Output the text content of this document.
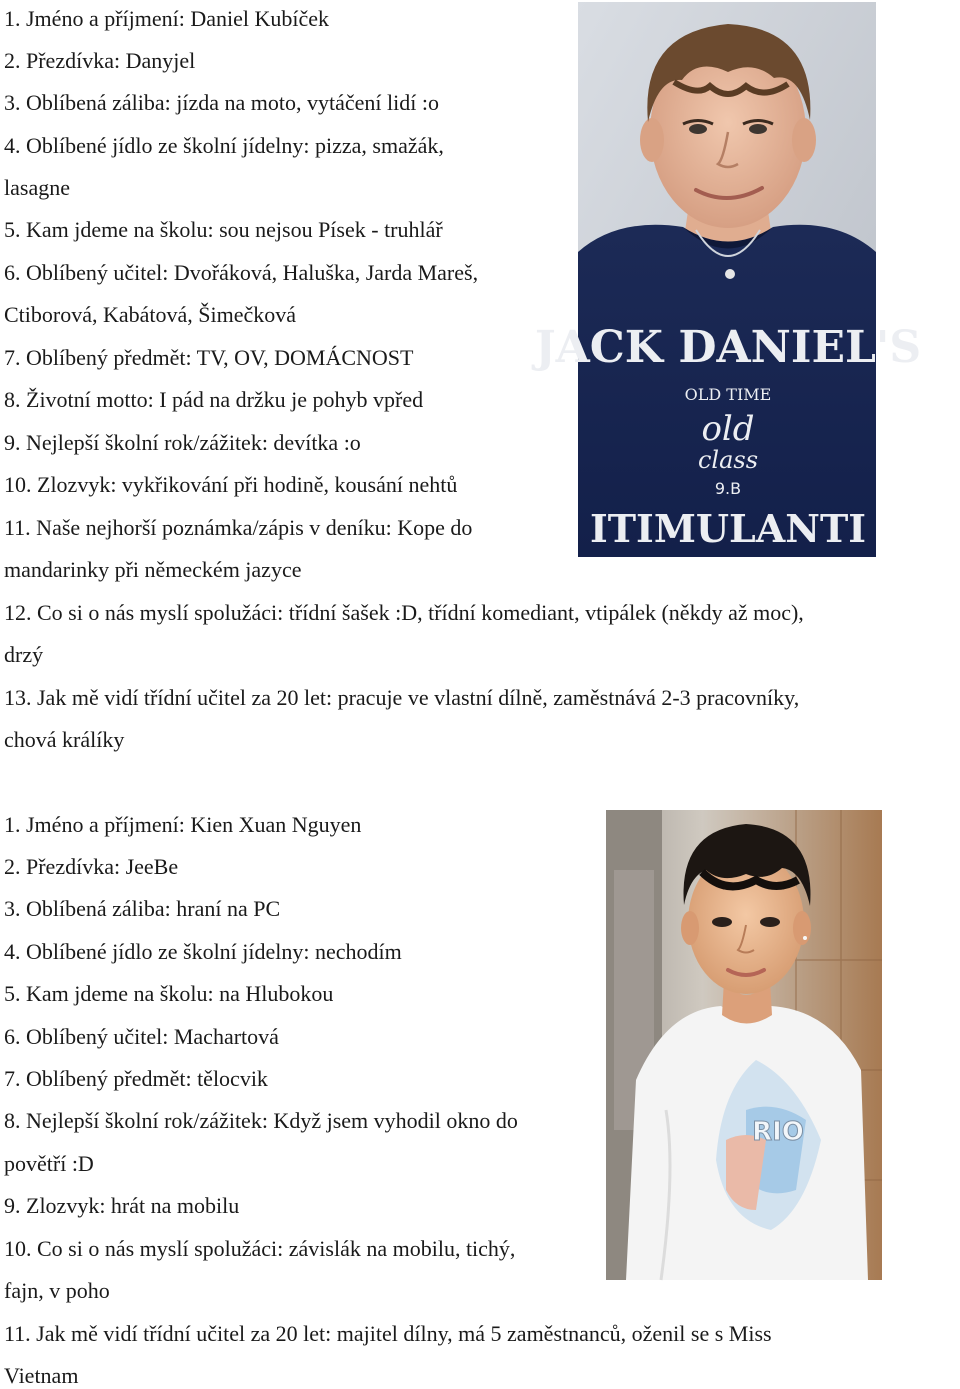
1. Jméno a příjmení: Daniel Kubíček
2. Přezdívka: Danyjel
3. Oblíbená záliba: jízda na moto, vytáčení lidí :o
4. Oblíbené jídlo ze školní jídelny: pizza, smažák,
lasagne
5. Kam jdeme na školu: sou nejsou Písek - truhlář
6. Oblíbený učitel: Dvořáková, Haluška, Jarda Mareš,
Ctiborová, Kabátová, Šimečková
7. Oblíbený předmět: TV, OV, DOMÁCNOST
8. Životní motto: I pád na držku je pohyb vpřed
9. Nejlepší školní rok/zážitek: devítka :o
10. Zlozvyk: vykřikování při hodině, kousání nehtů
11. Naše nejhorší poznámka/zápis v deníku: Kope do
mandarinky při německém jazyce
12. Co si o nás myslí spolužáci: třídní šašek :D, třídní komediant, vtipálek (někdy až moc),
drzý
13. Jak mě vidí třídní učitel za 20 let: pracuje ve vlastní dílně, zaměstnává 2-3 pracovníky,
chová králíky
JACK DANIEL'S
OLD TIME
old
class
9.B
ITIMULANTI
1. Jméno a příjmení: Kien Xuan Nguyen
2. Přezdívka: JeeBe
3. Oblíbená záliba: hraní na PC
4. Oblíbené jídlo ze školní jídelny: nechodím
5. Kam jdeme na školu: na Hlubokou
6. Oblíbený učitel: Machartová
7. Oblíbený předmět: tělocvik
8. Nejlepší školní rok/zážitek: Když jsem vyhodil okno do
povětří :D
9. Zlozvyk: hrát na mobilu
10. Co si o nás myslí spolužáci: závislák na mobilu, tichý,
fajn, v poho
11. Jak mě vidí třídní učitel za 20 let: majitel dílny, má 5 zaměstnanců, oženil se s Miss
Vietnam
RIO
